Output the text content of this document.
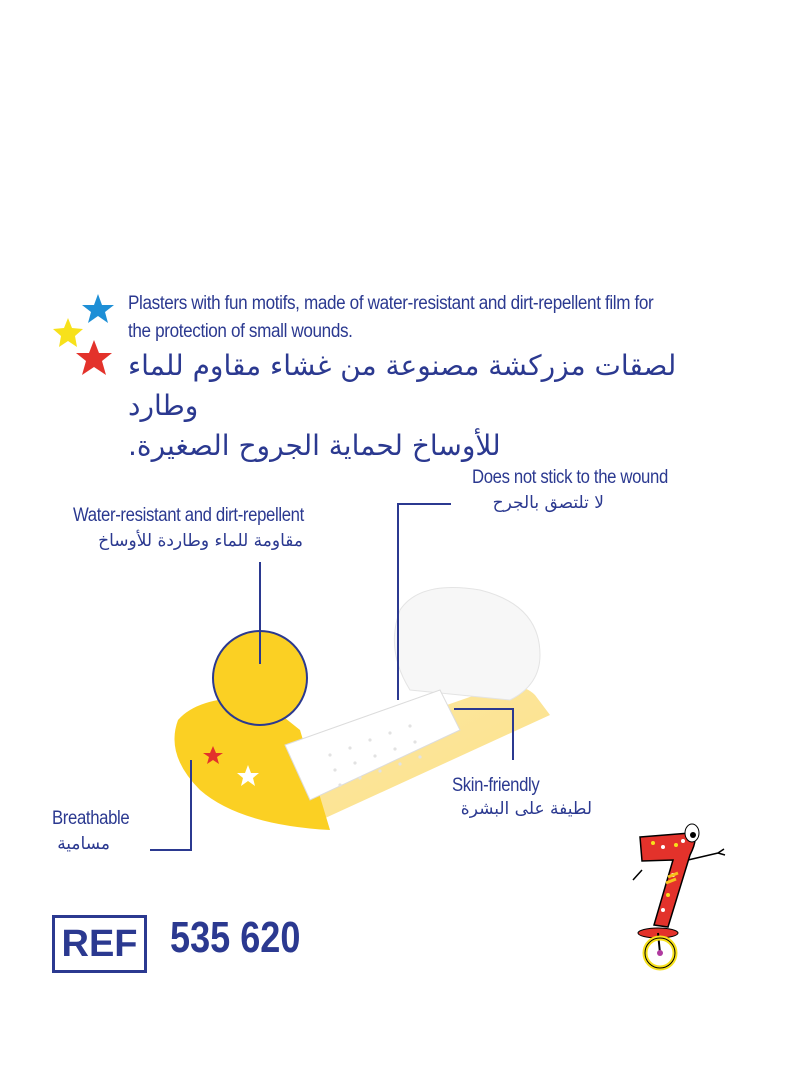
Plasters with fun motifs, made of water-resistant and dirt-repellent film for
the protection of small wounds.
لصقات مزركشة مصنوعة من غشاء مقاوم للماء وطارد
للأوساخ لحماية الجروح الصغيرة.
Water-resistant and dirt-repellent
مقاومة للماء وطاردة للأوساخ
Does not stick to the wound
لا تلتصق بالجرح
Skin-friendly
لطيفة على البشرة
Breathable
مسامية
REF 535 620
